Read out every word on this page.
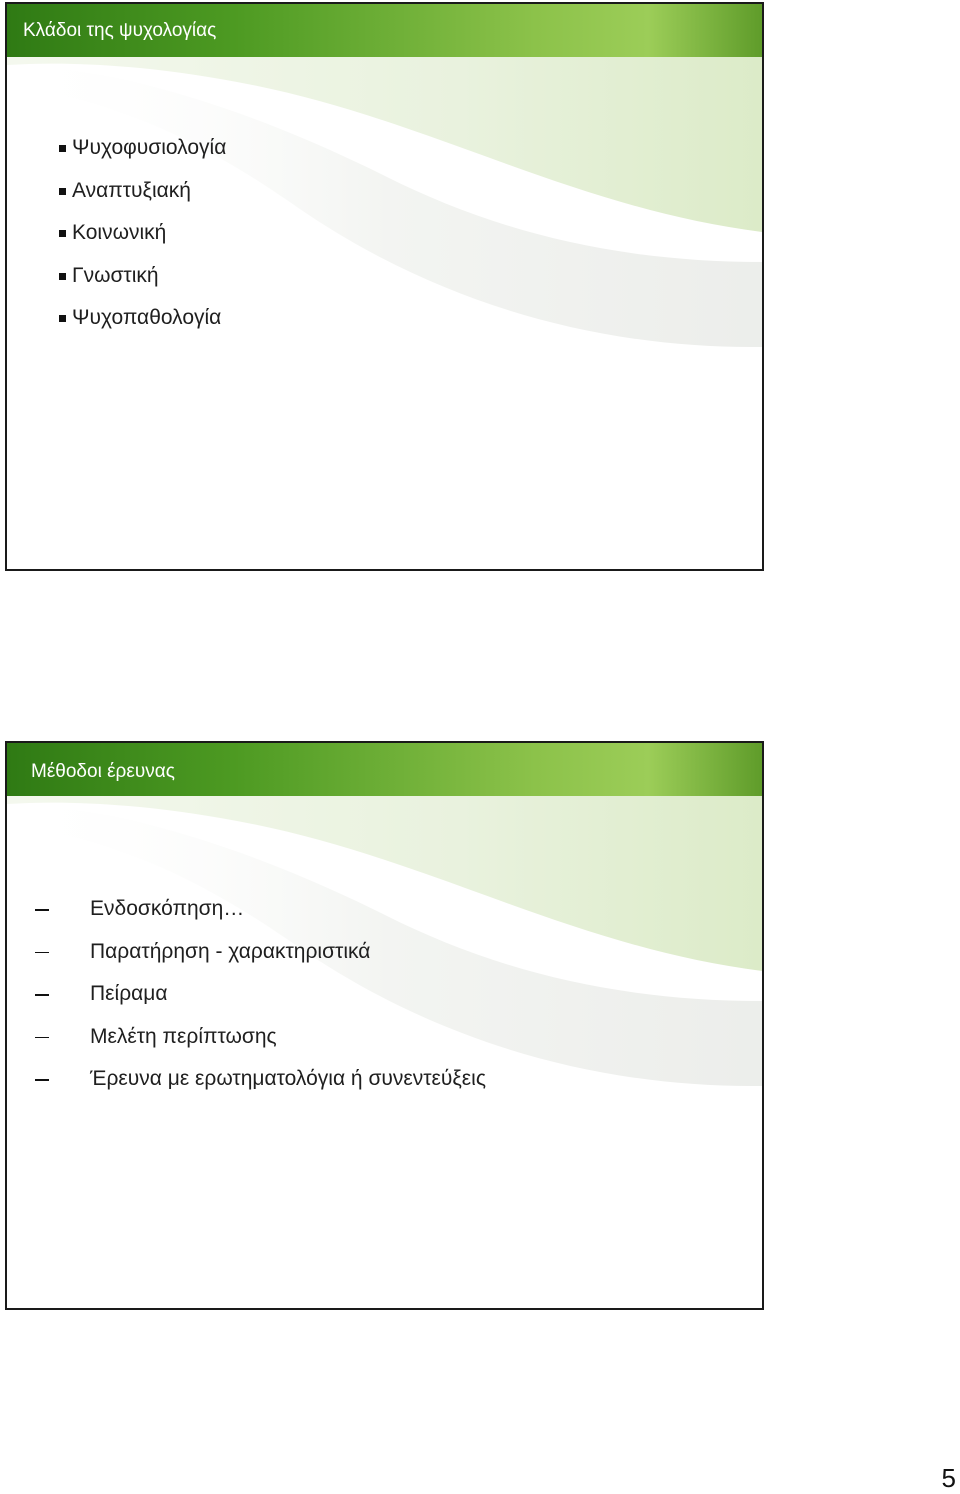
Κλάδοι της ψυχολογίας
Ψυχοφυσιολογία
Αναπτυξιακή
Κοινωνική
Γνωστική
Ψυχοπαθολογία
Μέθοδοι έρευνας
Ενδοσκόπηση…
Παρατήρηση - χαρακτηριστικά
Πείραμα
Μελέτη περίπτωσης
Έρευνα με ερωτηματολόγια ή συνεντεύξεις
5
